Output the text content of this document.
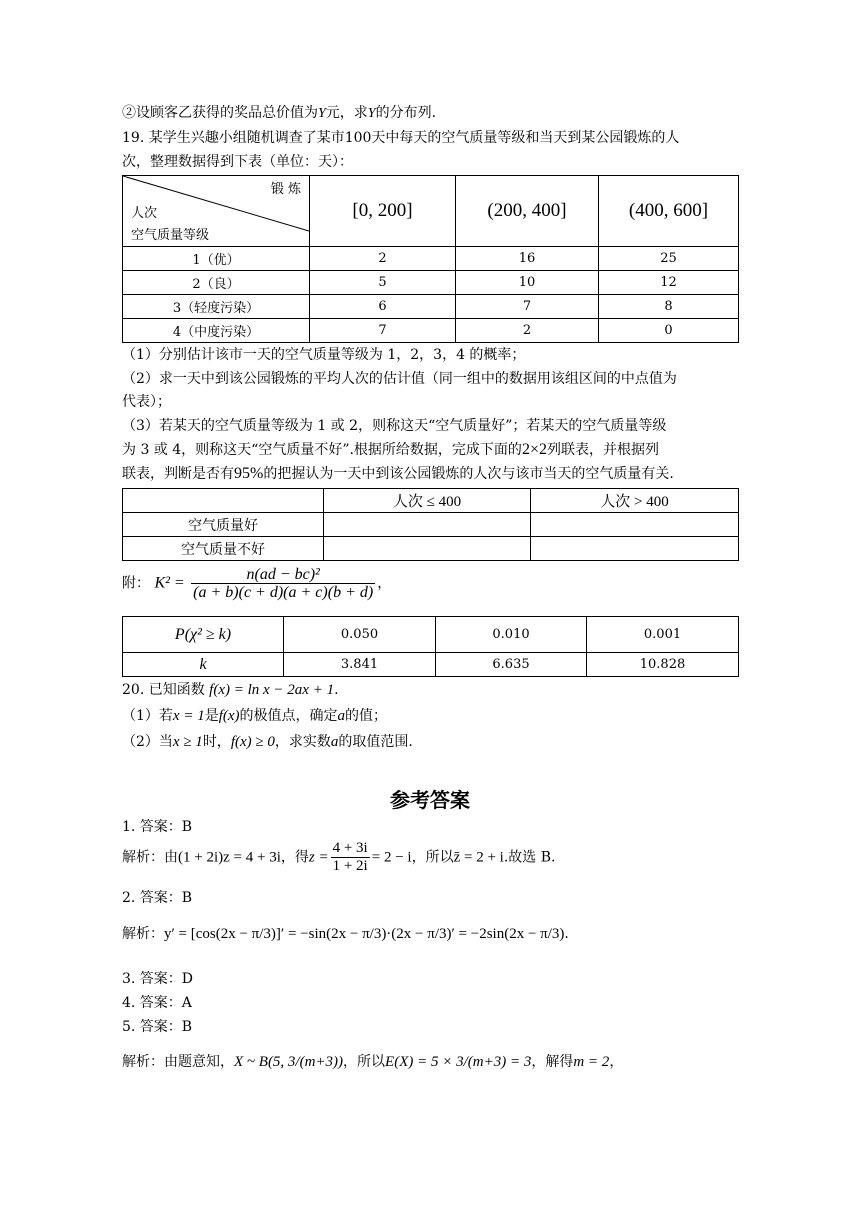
②设顾客乙获得的奖品总价值为Y元，求Y的分布列.
19. 某学生兴趣小组随机调查了某市100天中每天的空气质量等级和当天到某公园锻炼的人
次，整理数据得到下表（单位：天）：
锻 炼
人次
空气质量等级	[0, 200]	(200, 400]	(400, 600]
1（优）	2	16	25
2（良）	5	10	12
3（轻度污染）	6	7	8
4（中度污染）	7	2	0
（1）分别估计该市一天的空气质量等级为 1，2，3，4 的概率；
（2）求一天中到该公园锻炼的平均人次的估计值（同一组中的数据用该组区间的中点值为
代表）；
（3）若某天的空气质量等级为 1 或 2，则称这天“空气质量好”；若某天的空气质量等级
为 3 或 4，则称这天“空气质量不好”.根据所给数据，完成下面的2×2列联表，并根据列
联表，判断是否有95%的把握认为一天中到该公园锻炼的人次与该市当天的空气质量有关.
	人次 ≤ 400	人次 > 400
空气质量好		
空气质量不好		
附： $K^2 = \frac{\text{n(ad − bc)²}}{(a + b)(c + d)(a + c)(b + d)}$ ，
P(χ² ≥ k)	0.050	0.010	0.001
k	3.841	6.635	10.828
20. 已知函数 f(x) = ln x − 2ax + 1.
（1）若x = 1是f(x)的极值点，确定a的值；
（2）当x ≥ 1时，f(x) ≥ 0，求实数a的取值范围.
参考答案
1. 答案：B
解析：由(1 + 2i)z = 4 + 3i，得$z = \frac{4 + 3i}{1 + 2i} = 2 - i$，所以z̄ = 2 + i.故选 B.
2. 答案：B
解析：y′ = [cos(2x − π/3)]′ = −sin(2x − π/3)·(2x − π/3)′ = −2sin(2x − π/3).
3. 答案：D
4. 答案：A
5. 答案：B
解析：由题意知，X ~ B(5, 3/(m+3))，所以E(X) = 5 × 3/(m+3) = 3，解得m = 2，
